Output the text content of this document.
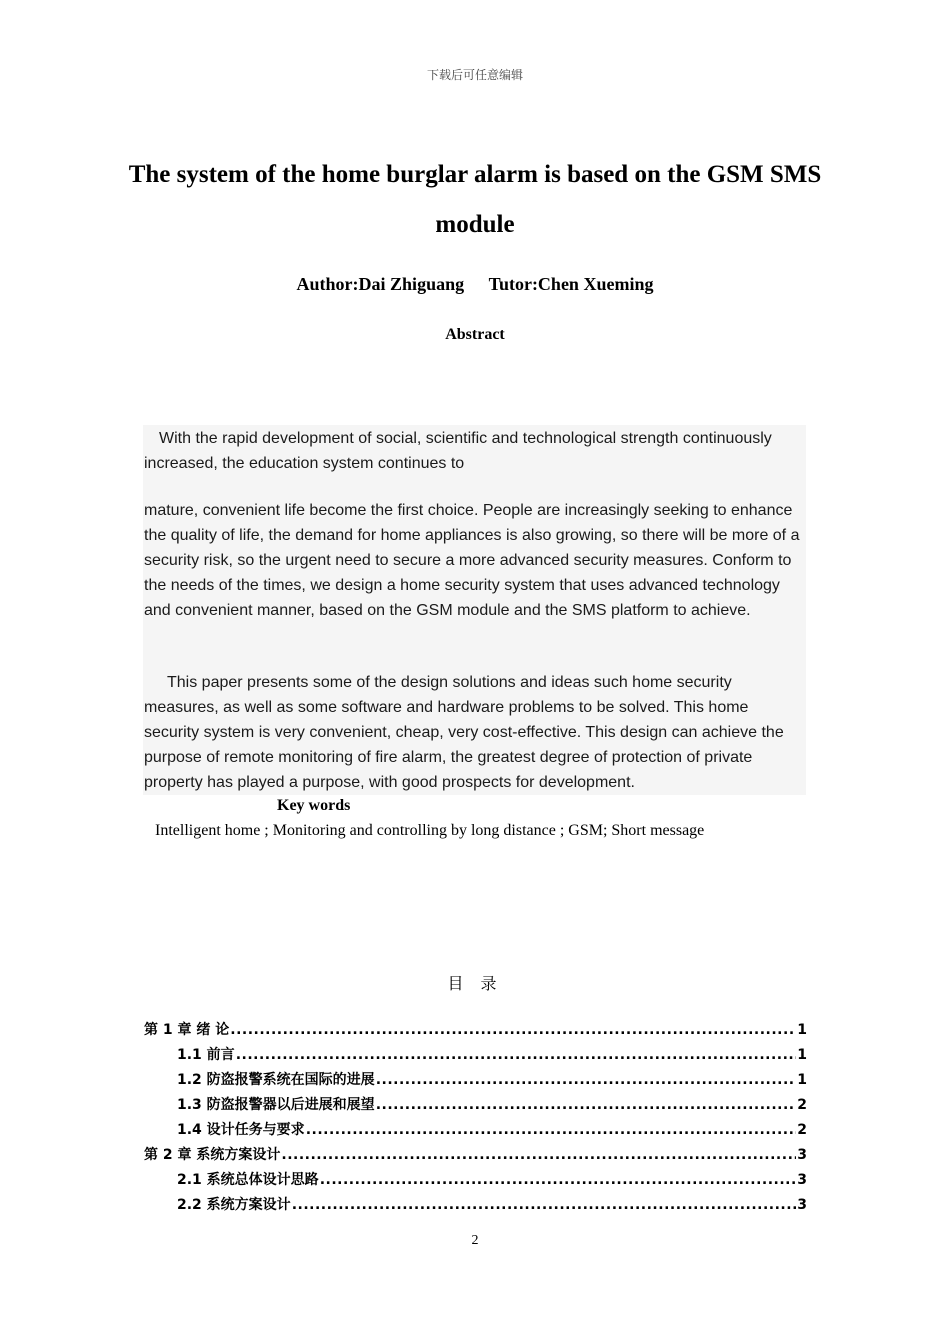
下载后可任意编辑
The system of the home burglar alarm is based on the GSM SMS module
Author:Dai Zhiguang Tutor:Chen Xueming
Abstract

With the rapid development of social, scientific and technological strength continuously increased, the education system continues to

mature, convenient life become the first choice. People are increasingly seeking to enhance the quality of life, the demand for home appliances is also growing, so there will be more of a security risk, so the urgent need to secure a more advanced security measures. Conform to the needs of the times, we design a home security system that uses advanced technology and convenient manner, based on the GSM module and the SMS platform to achieve.

This paper presents some of the design solutions and ideas such home security measures, as well as some software and hardware problems to be solved. This home security system is very convenient, cheap, very cost-effective. This design can achieve the purpose of remote monitoring of fire alarm, the greatest degree of protection of private property has played a purpose, with good prospects for development.

Key words
Intelligent home ; Monitoring and controlling by long distance ; GSM; Short message
目 录
第 1 章 绪 论 .....	1
1.1 前言 .....	1
1.2 防盗报警系统在国际的进展 .....	1
1.3 防盗报警器以后进展和展望 .....	2
1.4 设计任务与要求 .....	2
第 2 章 系统方案设计 .....	3
2.1 系统总体设计思路 .....	3
2.2 系统方案设计 .....	3
2
